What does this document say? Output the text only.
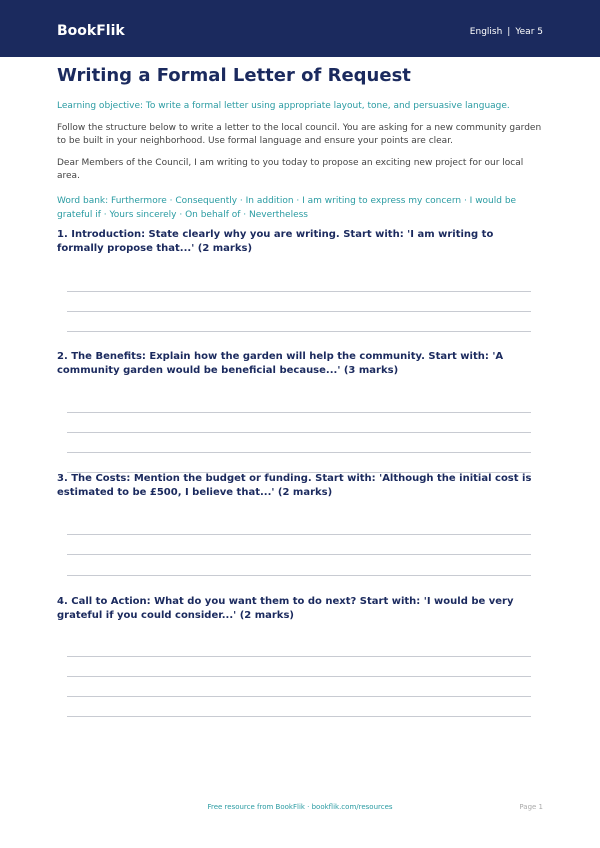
BookFlik	English | Year 5
Writing a Formal Letter of Request

Learning objective: To write a formal letter using appropriate layout, tone, and persuasive language.

Follow the structure below to write a letter to the local council. You are asking for a new community garden to be built in your neighborhood. Use formal language and ensure your points are clear.

Dear Members of the Council, I am writing to you today to propose an exciting new project for our local area.

Word bank: Furthermore · Consequently · In addition · I am writing to express my concern · I would be grateful if · Yours sincerely · On behalf of · Nevertheless

1. Introduction: State clearly why you are writing. Start with: 'I am writing to formally propose that...' (2 marks)
2. The Benefits: Explain how the garden will help the community. Start with: 'A community garden would be beneficial because...' (3 marks)
3. The Costs: Mention the budget or funding. Start with: 'Although the initial cost is estimated to be £500, I believe that...' (2 marks)
4. Call to Action: What do you want them to do next? Start with: 'I would be very grateful if you could consider...' (2 marks)
Free resource from BookFlik · bookflik.com/resources	Page 1
